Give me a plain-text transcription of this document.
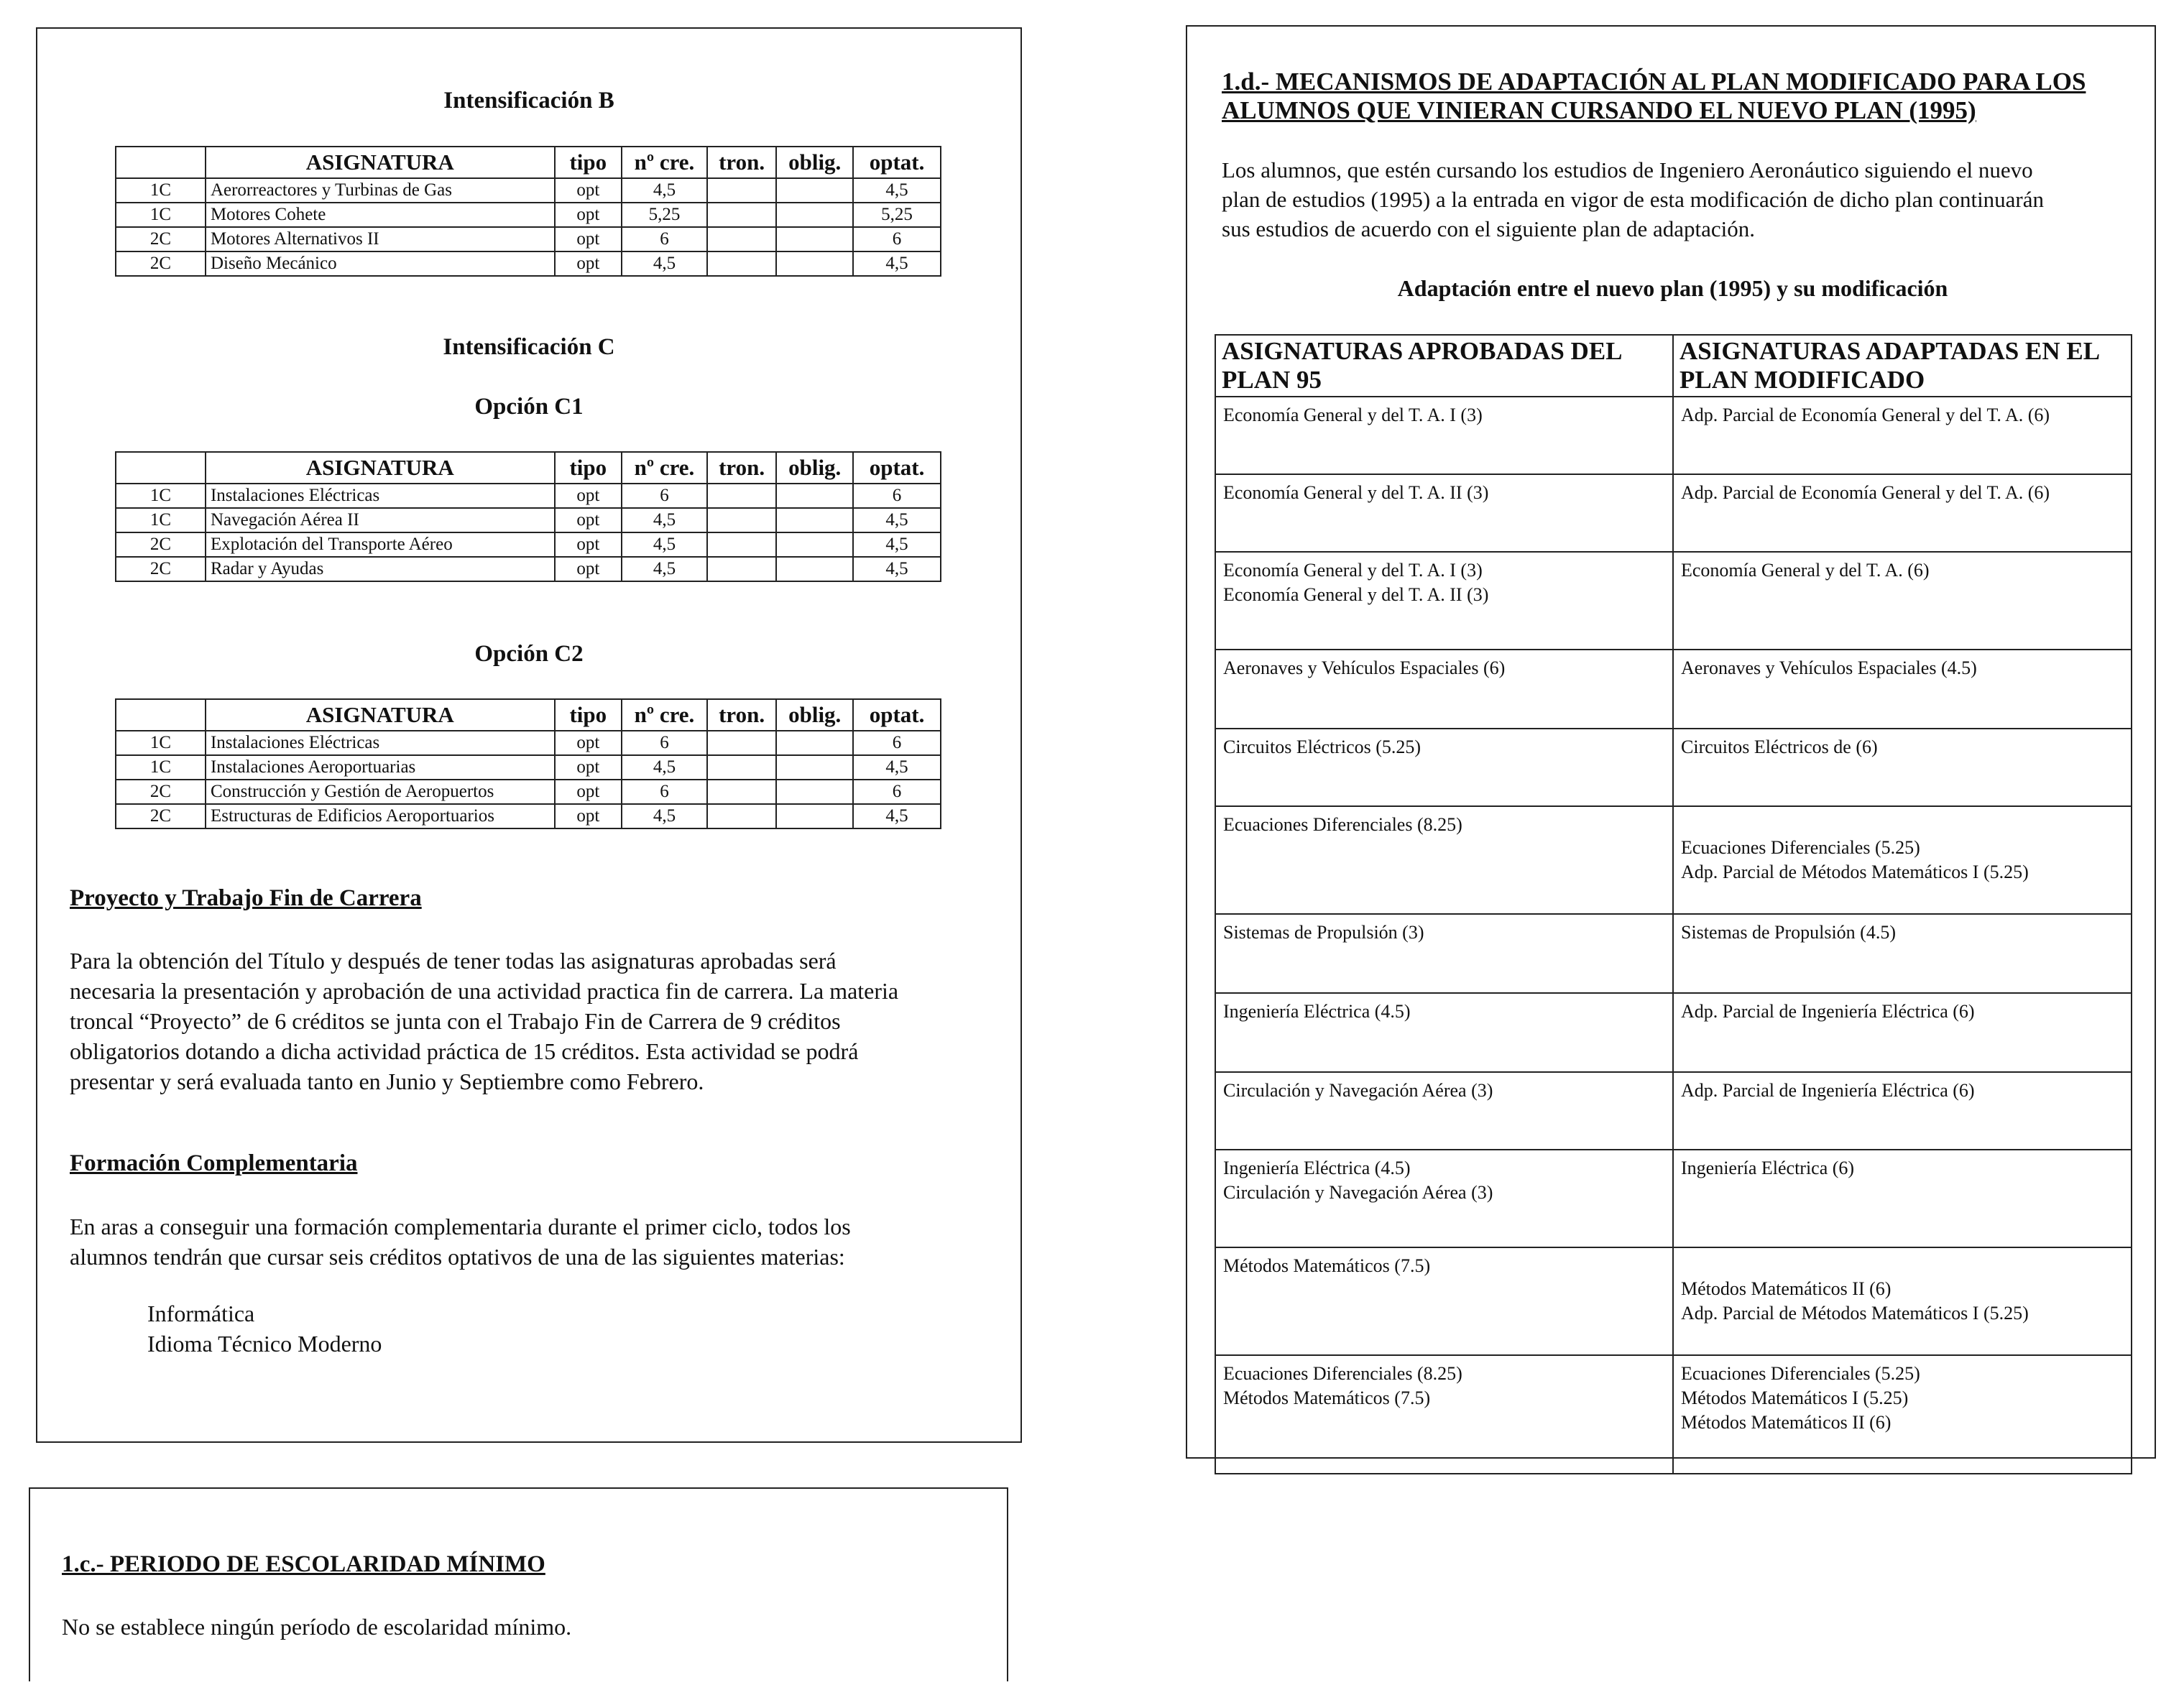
Intensificación B
	ASIGNATURA	tipo	nº cre.	tron.	oblig.	optat.
1C	Aerorreactores y Turbinas de Gas	opt	4,5			4,5
1C	Motores Cohete	opt	5,25			5,25
2C	Motores Alternativos II	opt	6			6
2C	Diseño Mecánico	opt	4,5			4,5
Intensificación C
Opción C1
	ASIGNATURA	tipo	nº cre.	tron.	oblig.	optat.
1C	Instalaciones Eléctricas	opt	6			6
1C	Navegación Aérea II	opt	4,5			4,5
2C	Explotación del Transporte Aéreo	opt	4,5			4,5
2C	Radar y Ayudas	opt	4,5			4,5
Opción C2
	ASIGNATURA	tipo	nº cre.	tron.	oblig.	optat.
1C	Instalaciones Eléctricas	opt	6			6
1C	Instalaciones Aeroportuarias	opt	4,5			4,5
2C	Construcción y Gestión de Aeropuertos	opt	6			6
2C	Estructuras de Edificios Aeroportuarios	opt	4,5			4,5
Proyecto y Trabajo Fin de Carrera
Para la obtención del Título y después de tener todas las asignaturas aprobadas será
necesaria la presentación y aprobación de una actividad practica fin de carrera. La materia
troncal “Proyecto” de 6 créditos se junta con el Trabajo Fin de Carrera de 9 créditos
obligatorios dotando a dicha actividad práctica de 15 créditos. Esta actividad se podrá
presentar y será evaluada tanto en Junio y Septiembre como Febrero.
Formación Complementaria
En aras a conseguir una formación complementaria durante el primer ciclo, todos los
alumnos tendrán que cursar seis créditos optativos de una de las siguientes materias:
Informática
Idioma Técnico Moderno
1.c.- PERIODO DE ESCOLARIDAD MÍNIMO
No se establece ningún período de escolaridad mínimo.
1.d.- MECANISMOS DE ADAPTACIÓN AL PLAN MODIFICADO PARA LOS
ALUMNOS QUE VINIERAN CURSANDO EL NUEVO PLAN (1995)
Los alumnos, que estén cursando los estudios de Ingeniero Aeronáutico siguiendo el nuevo
plan de estudios (1995) a la entrada en vigor de esta modificación de dicho plan continuarán
sus estudios de acuerdo con el siguiente plan de adaptación.
Adaptación entre el nuevo plan (1995) y su modificación
ASIGNATURAS APROBADAS DEL PLAN 95	ASIGNATURAS ADAPTADAS EN EL PLAN MODIFICADO

Economía General y del T. A. I (3)	Adp. Parcial de Economía General y del T. A. (6)

Economía General y del T. A. II (3)	Adp. Parcial de Economía General y del T. A. (6)

Economía General y del T. A. I (3)
Economía General y del T. A. II (3)	Economía General y del T. A. (6)

Aeronaves y Vehículos Espaciales (6)	Aeronaves y Vehículos Espaciales (4.5)

Circuitos Eléctricos (5.25)	Circuitos Eléctricos de (6)

Ecuaciones Diferenciales (8.25)	Ecuaciones Diferenciales (5.25)
Adp. Parcial de Métodos Matemáticos I (5.25)

Sistemas de Propulsión (3)	Sistemas de Propulsión (4.5)

Ingeniería Eléctrica (4.5)	Adp. Parcial de Ingeniería Eléctrica (6)

Circulación y Navegación Aérea (3)	Adp. Parcial de Ingeniería Eléctrica (6)

Ingeniería Eléctrica (4.5)
Circulación y Navegación Aérea (3)	Ingeniería Eléctrica (6)

Métodos Matemáticos (7.5)	Métodos Matemáticos II (6)
Adp. Parcial de Métodos Matemáticos I (5.25)

Ecuaciones Diferenciales (8.25)
Métodos Matemáticos (7.5)	Ecuaciones Diferenciales (5.25)
Métodos Matemáticos I (5.25)
Métodos Matemáticos II (6)
